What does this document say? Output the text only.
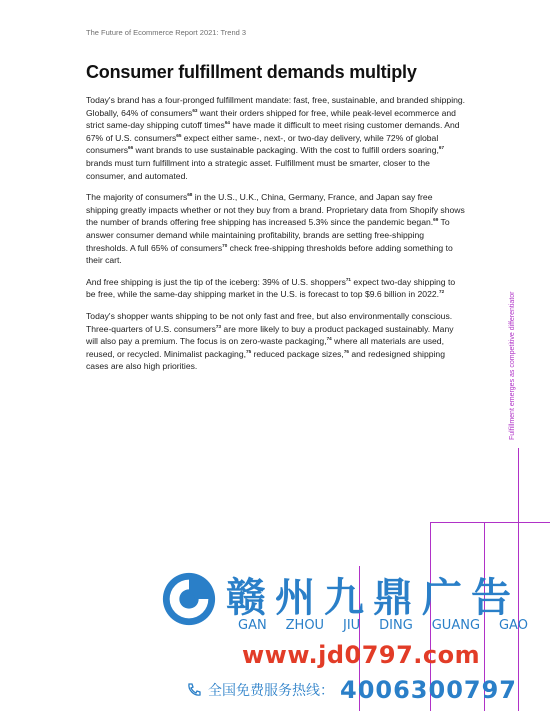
The Future of Ecommerce Report 2021: Trend 3
Consumer fulfillment demands multiply

Today's brand has a four-pronged fulfillment mandate: fast, free, sustainable, and branded shipping. Globally, 64% of consumers$^{63}$ want their orders shipped for free, while peak-level ecommerce and strict same-day shipping cutoff times$^{64}$ have made it difficult to meet rising customer demands. And 67% of U.S. consumers$^{65}$ expect either same-, next-, or two-day delivery, while 72% of global consumers$^{66}$ want brands to use sustainable packaging. With the cost to fulfill orders soaring,$^{67}$ brands must turn fulfillment into a strategic asset. Fulfillment must be smarter, closer to the consumer, and automated.

The majority of consumers$^{68}$ in the U.S., U.K., China, Germany, France, and Japan say free shipping greatly impacts whether or not they buy from a brand. Proprietary data from Shopify shows the number of brands offering free shipping has increased 5.3% since the pandemic began.$^{69}$ To answer consumer demand while maintaining profitability, brands are setting free-shipping thresholds. A full 65% of consumers$^{70}$ check free-shipping thresholds before adding something to their cart.

And free shipping is just the tip of the iceberg: 39% of U.S. shoppers$^{71}$ expect two-day shipping to be free, while the same-day shipping market in the U.S. is forecast to top $9.6 billion in 2022.72

Today's shopper wants shipping to be not only fast and free, but also environmentally conscious. Three-quarters of U.S. consumers$^{73}$ are more likely to buy a product packaged sustainably. Many will also pay a premium. The focus is on zero-waste packaging,$^{74}$ where all materials are used, reused, or recycled. Minimalist packaging,$^{75}$ reduced package sizes,$^{76}$ and redesigned shipping cases are also high priorities.	Fulfillment emerges as competitive differentiator
赣州九鼎广告
GAN ZHOU JIU DING GUANG GAO
www.jd0797.com
全国免费服务热线： 4006300797
